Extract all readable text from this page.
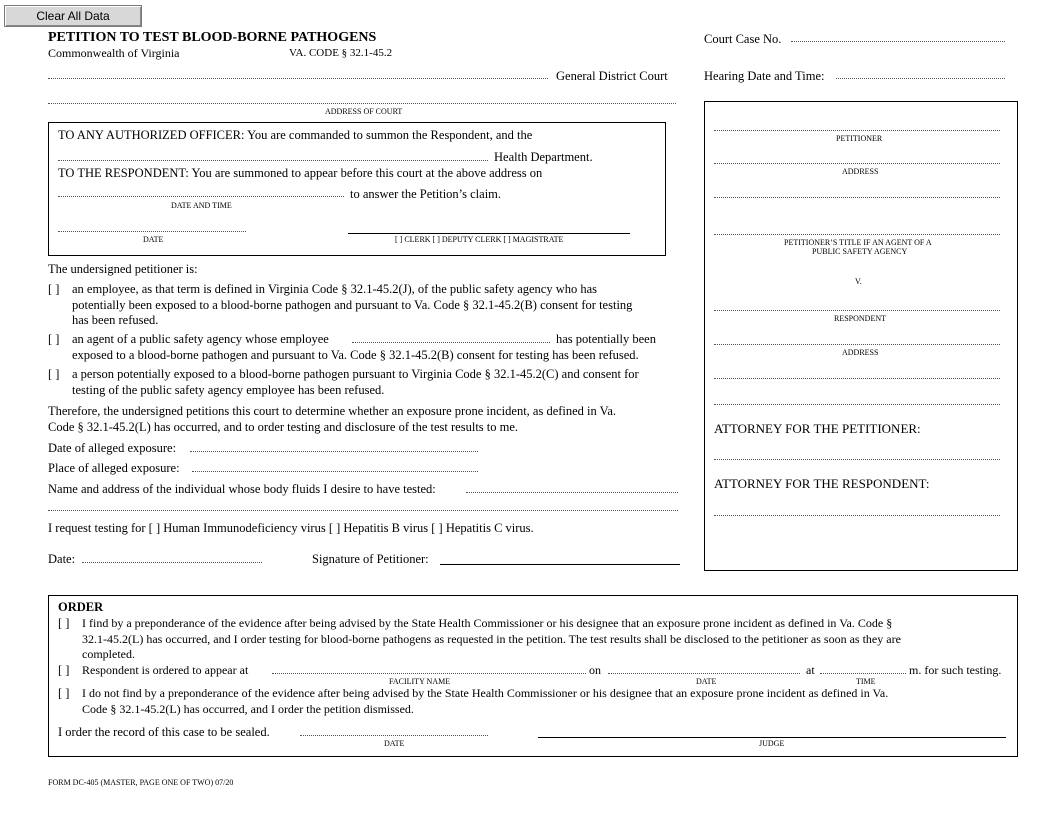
Clear All Data
PETITION TO TEST BLOOD-BORNE PATHOGENS
Commonwealth of Virginia	VA. CODE § 32.1-45.2
Court Case No.
General District Court	Hearing Date and Time:
ADDRESS OF COURT
TO ANY AUTHORIZED OFFICER: You are commanded to summon the Respondent, and the
Health Department.
TO THE RESPONDENT: You are summoned to appear before this court at the above address on
to answer the Petition’s claim.
DATE AND TIME
DATE	[ ] CLERK [ ] DEPUTY CLERK [ ] MAGISTRATE
The undersigned petitioner is:
[ ] an employee, as that term is defined in Virginia Code § 32.1-45.2(J), of the public safety agency who has
potentially been exposed to a blood-borne pathogen and pursuant to Va. Code § 32.1-45.2(B) consent for testing
has been refused.
[ ] an agent of a public safety agency whose employee	has potentially been
exposed to a blood-borne pathogen and pursuant to Va. Code § 32.1-45.2(B) consent for testing has been refused.
[ ] a person potentially exposed to a blood-borne pathogen pursuant to Virginia Code § 32.1-45.2(C) and consent for
testing of the public safety agency employee has been refused.
Therefore, the undersigned petitions this court to determine whether an exposure prone incident, as defined in Va.
Code § 32.1-45.2(L) has occurred, and to order testing and disclosure of the test results to me.
Date of alleged exposure:
Place of alleged exposure:
Name and address of the individual whose body fluids I desire to have tested:
I request testing for [ ] Human Immunodeficiency virus [ ] Hepatitis B virus [ ] Hepatitis C virus.
Date:	Signature of Petitioner:
PETITIONER
ADDRESS
PETITIONER’S TITLE IF AN AGENT OF A
PUBLIC SAFETY AGENCY
V.
RESPONDENT
ADDRESS
ATTORNEY FOR THE PETITIONER:
ATTORNEY FOR THE RESPONDENT:
ORDER
[ ] I find by a preponderance of the evidence after being advised by the State Health Commissioner or his designee that an exposure prone incident as defined in Va. Code §
32.1-45.2(L) has occurred, and I order testing for blood-borne pathogens as requested in the petition. The test results shall be disclosed to the petitioner as soon as they are
completed.
[ ] Respondent is ordered to appear at
FACILITY NAME
on
DATE
at
TIME
m. for such testing.
[ ] I do not find by a preponderance of the evidence after being advised by the State Health Commissioner or his designee that an exposure prone incident as defined in Va.
Code § 32.1-45.2(L) has occurred, and I order the petition dismissed.
I order the record of this case to be sealed.
DATE	JUDGE
FORM DC-405 (MASTER, PAGE ONE OF TWO) 07/20
